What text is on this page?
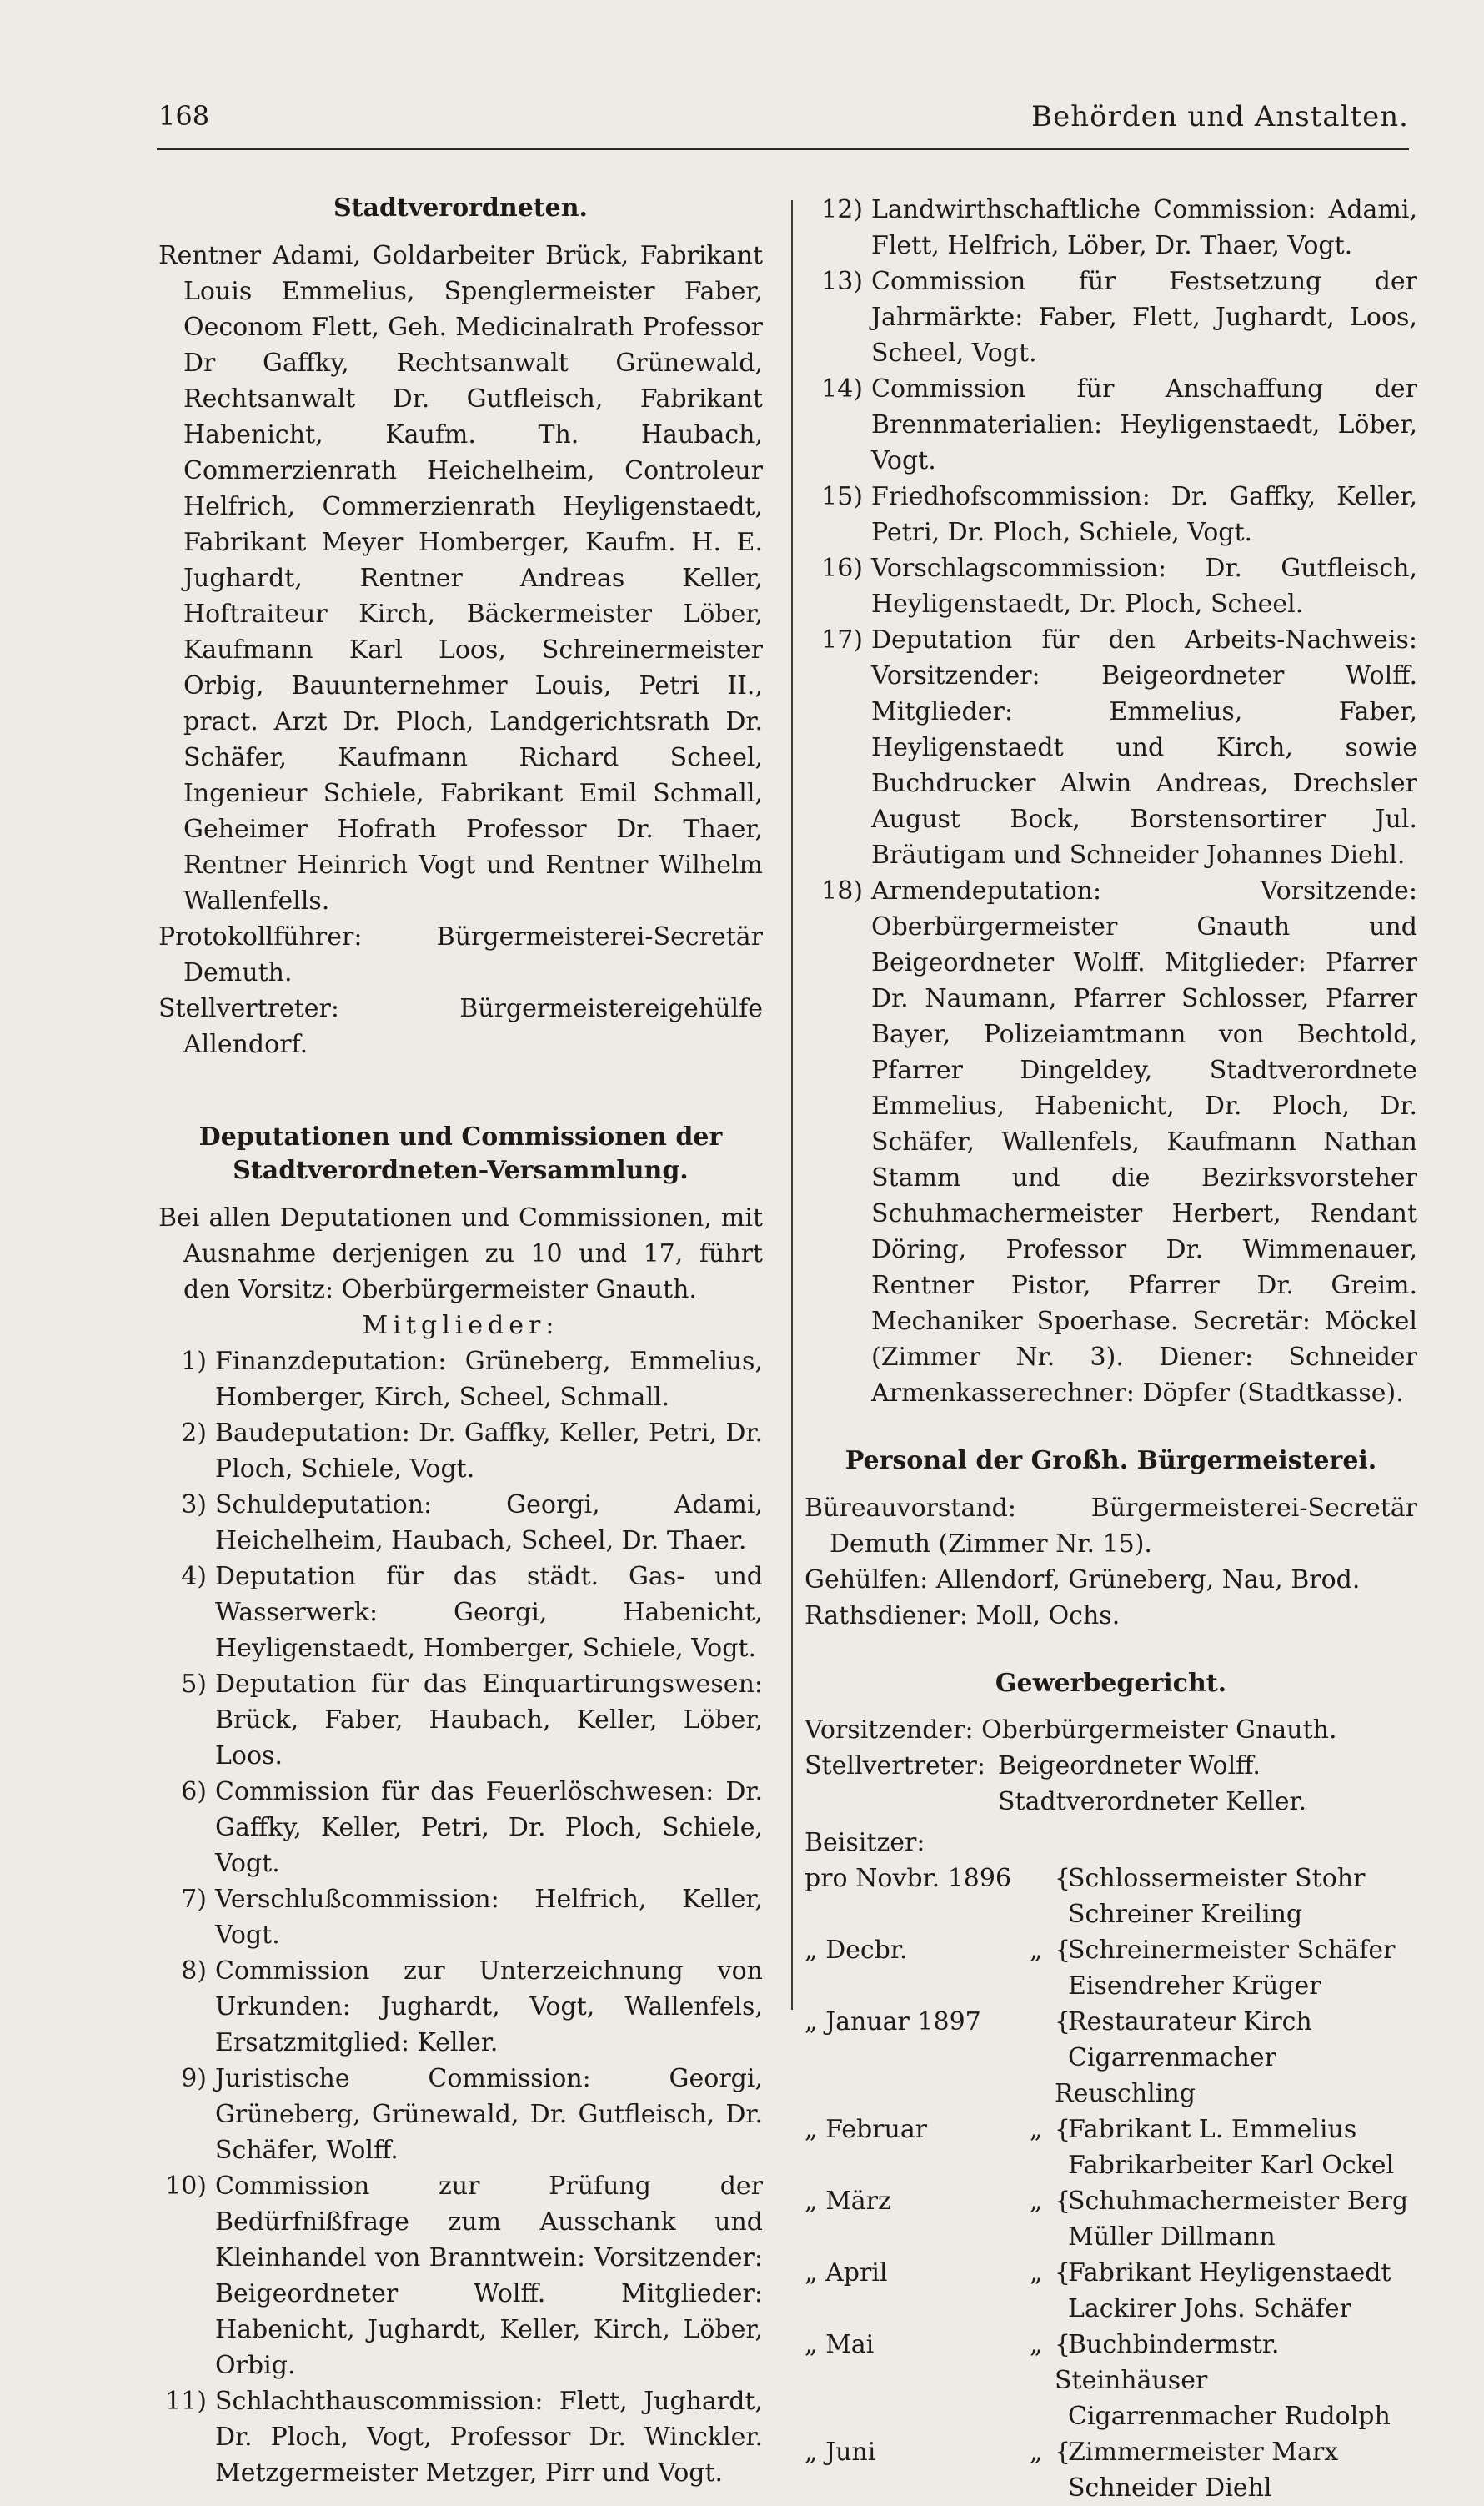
168	Behörden und Anstalten.
Stadtverordneten.

Rentner Adami, Goldarbeiter Brück, Fabrikant Louis Emmelius, Spenglermeister Faber, Oeconom Flett, Geh. Medicinalrath Professor Dr Gaffky, Rechtsanwalt Grünewald, Rechtsanwalt Dr. Gutfleisch, Fabrikant Habenicht, Kaufm. Th. Haubach, Commerzienrath Heichelheim, Controleur Helfrich, Commerzienrath Heyligenstaedt, Fabrikant Meyer Homberger, Kaufm. H. E. Jughardt, Rentner Andreas Keller, Hoftraiteur Kirch, Bäckermeister Löber, Kaufmann Karl Loos, Schreinermeister Orbig, Bauunternehmer Louis, Petri II., pract. Arzt Dr. Ploch, Landgerichtsrath Dr. Schäfer, Kaufmann Richard Scheel, Ingenieur Schiele, Fabrikant Emil Schmall, Geheimer Hofrath Professor Dr. Thaer, Rentner Heinrich Vogt und Rentner Wilhelm Wallenfells.

Protokollführer: Bürgermeisterei-Secretär Demuth.

Stellvertreter: Bürgermeistereigehülfe Allendorf.

Deputationen und Commissionen der
Stadtverordneten-Versammlung.

Bei allen Deputationen und Commissionen, mit Ausnahme derjenigen zu 10 und 17, führt den Vorsitz: Oberbürgermeister Gnauth.

Mitglieder:

1) Finanzdeputation: Grüneberg, Emmelius, Homberger, Kirch, Scheel, Schmall.
2) Baudeputation: Dr. Gaffky, Keller, Petri, Dr. Ploch, Schiele, Vogt.
3) Schuldeputation: Georgi, Adami, Heichelheim, Haubach, Scheel, Dr. Thaer.
4) Deputation für das städt. Gas- und Wasserwerk: Georgi, Habenicht, Heyligenstaedt, Homberger, Schiele, Vogt.
5) Deputation für das Einquartirungswesen: Brück, Faber, Haubach, Keller, Löber, Loos.
6) Commission für das Feuerlöschwesen: Dr. Gaffky, Keller, Petri, Dr. Ploch, Schiele, Vogt.
7) Verschlußcommission: Helfrich, Keller, Vogt.
8) Commission zur Unterzeichnung von Urkunden: Jughardt, Vogt, Wallenfels, Ersatzmitglied: Keller.
9) Juristische Commission: Georgi, Grüneberg, Grünewald, Dr. Gutfleisch, Dr. Schäfer, Wolff.
10) Commission zur Prüfung der Bedürfnißfrage zum Ausschank und Kleinhandel von Branntwein: Vorsitzender: Beigeordneter Wolff. Mitglieder: Habenicht, Jughardt, Keller, Kirch, Löber, Orbig.
11) Schlachthauscommission: Flett, Jughardt, Dr. Ploch, Vogt, Professor Dr. Winckler. Metzgermeister Metzger, Pirr und Vogt.
12) Landwirthschaftliche Commission: Adami, Flett, Helfrich, Löber, Dr. Thaer, Vogt.
13) Commission für Festsetzung der Jahrmärkte: Faber, Flett, Jughardt, Loos, Scheel, Vogt.
14) Commission für Anschaffung der Brennmaterialien: Heyligenstaedt, Löber, Vogt.
15) Friedhofscommission: Dr. Gaffky, Keller, Petri, Dr. Ploch, Schiele, Vogt.
16) Vorschlagscommission: Dr. Gutfleisch, Heyligenstaedt, Dr. Ploch, Scheel.
17) Deputation für den Arbeits-Nachweis: Vorsitzender: Beigeordneter Wolff. Mitglieder: Emmelius, Faber, Heyligenstaedt und Kirch, sowie Buchdrucker Alwin Andreas, Drechsler August Bock, Borstensortirer Jul. Bräutigam und Schneider Johannes Diehl.
18) Armendeputation: Vorsitzende: Oberbürgermeister Gnauth und Beigeordneter Wolff. Mitglieder: Pfarrer Dr. Naumann, Pfarrer Schlosser, Pfarrer Bayer, Polizeiamtmann von Bechtold, Pfarrer Dingeldey, Stadtverordnete Emmelius, Habenicht, Dr. Ploch, Dr. Schäfer, Wallenfels, Kaufmann Nathan Stamm und die Bezirksvorsteher Schuhmachermeister Herbert, Rendant Döring, Professor Dr. Wimmenauer, Rentner Pistor, Pfarrer Dr. Greim. Mechaniker Spoerhase. Secretär: Möckel (Zimmer Nr. 3). Diener: Schneider Armenkasserechner: Döpfer (Stadtkasse).
Personal der Großh. Bürgermeisterei.

Büreauvorstand: Bürgermeisterei-Secretär Demuth (Zimmer Nr. 15).

Gehülfen: Allendorf, Grüneberg, Nau, Brod.

Rathsdiener: Moll, Ochs.

Gewerbegericht.

Vorsitzender: Oberbürgermeister Gnauth.

Stellvertreter: Beigeordneter Wolff.
Stadtverordneter Keller.

Beisitzer:

pro Novbr. 1896	{Schlossermeister Stohr
Schreiner Kreiling
„ Decbr.	„ {Schreinermeister Schäfer
Eisendreher Krüger
„ Januar 1897	{Restaurateur Kirch
Cigarrenmacher Reuschling
„ Februar	„ {Fabrikant L. Emmelius
Fabrikarbeiter Karl Ockel
„ März	„ {Schuhmachermeister Berg
Müller Dillmann
„ April	„ {Fabrikant Heyligenstaedt
Lackirer Johs. Schäfer
„ Mai	„ {Buchbindermstr. Steinhäuser
Cigarrenmacher Rudolph
„ Juni	„ {Zimmermeister Marx
Schneider Diehl
